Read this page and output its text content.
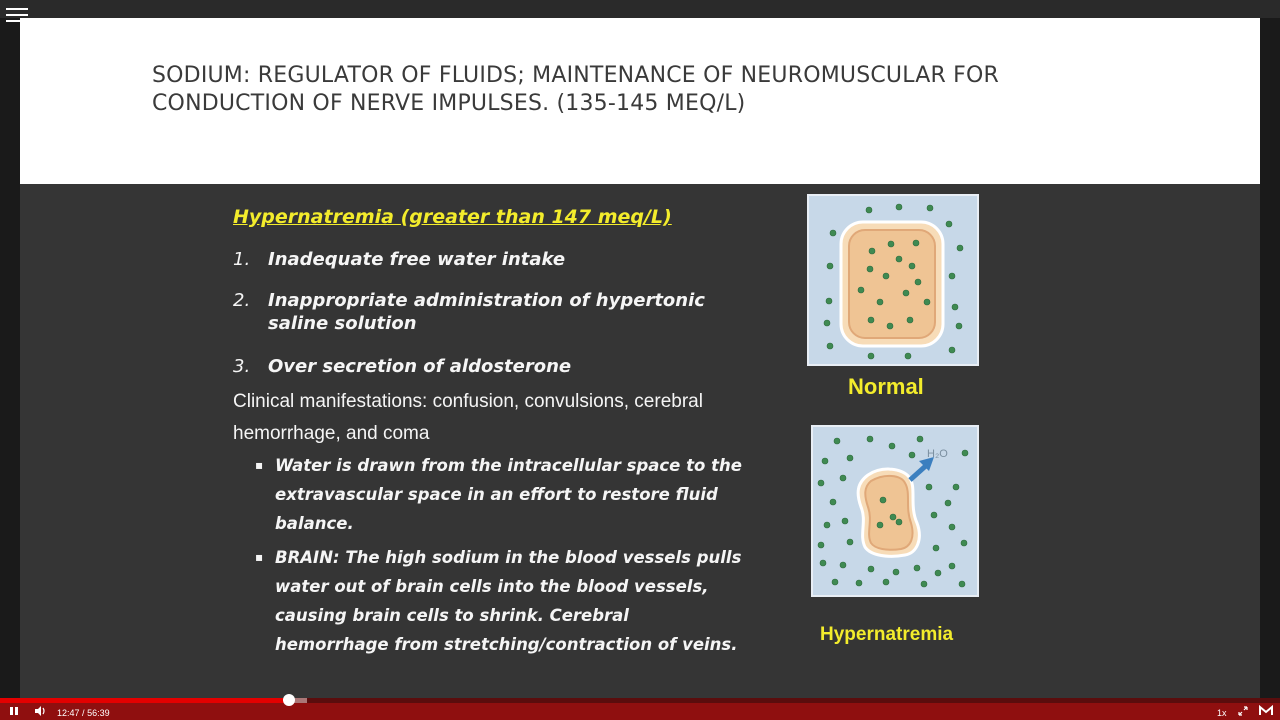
SODIUM: REGULATOR OF FLUIDS; MAINTENANCE OF NEUROMUSCULAR FOR
CONDUCTION OF NERVE IMPULSES. (135-145 MEQ/L)
Hypernatremia (greater than 147 meq/L)
1. Inadequate free water intake
2. Inappropriate administration of hypertonic saline solution
3. Over secretion of aldosterone
Clinical manifestations: confusion, convulsions, cerebral hemorrhage, and coma
▪ Water is drawn from the intracellular space to the extravascular space in an effort to restore fluid balance.
▪ BRAIN: The high sodium in the blood vessels pulls water out of brain cells into the blood vessels, causing brain cells to shrink. Cerebral hemorrhage from stretching/contraction of veins.
Normal
H₂O
Hypernatremia
12:47 / 56:39	1x
